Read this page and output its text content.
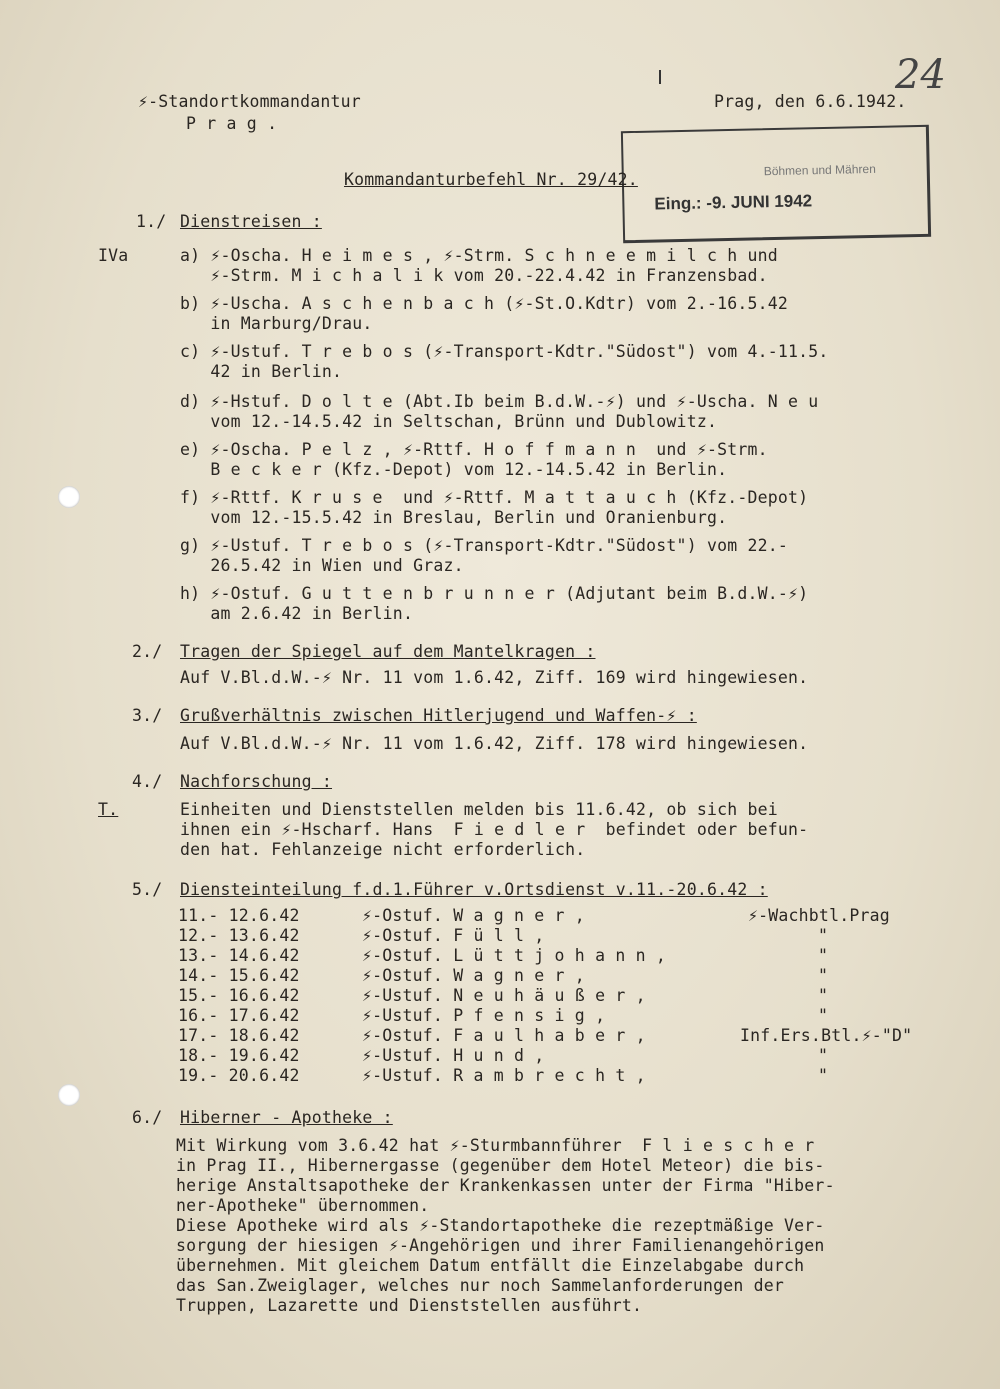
24
⚡-Standortkommandantur
P r a g .
Prag, den 6.6.1942.
Böhmen und Mähren
Eing.: -9. JUNI 1942
Kommandanturbefehl Nr. 29/42.
1./ Dienstreisen :
IVa	a) ⚡-Oscha. H e i m e s , ⚡-Strm. S c h n e e m i l c h und
⚡-Strm. M i c h a l i k vom 20.-22.4.42 in Franzensbad.
b) ⚡-Uscha. A s c h e n b a c h (⚡-St.O.Kdtr) vom 2.-16.5.42
in Marburg/Drau.
c) ⚡-Ustuf. T r e b o s (⚡-Transport-Kdtr."Südost") vom 4.-11.5.
42 in Berlin.
d) ⚡-Hstuf. D o l t e (Abt.Ib beim B.d.W.-⚡) und ⚡-Uscha. N e u
vom 12.-14.5.42 in Seltschan, Brünn und Dublowitz.
e) ⚡-Oscha. P e l z , ⚡-Rttf. H o f f m a n n  und ⚡-Strm.
B e c k e r (Kfz.-Depot) vom 12.-14.5.42 in Berlin.
f) ⚡-Rttf. K r u s e  und ⚡-Rttf. M a t t a u c h (Kfz.-Depot)
vom 12.-15.5.42 in Breslau, Berlin und Oranienburg.
g) ⚡-Ustuf. T r e b o s (⚡-Transport-Kdtr."Südost") vom 22.-
26.5.42 in Wien und Graz.
h) ⚡-Ostuf. G u t t e n b r u n n e r (Adjutant beim B.d.W.-⚡)
am 2.6.42 in Berlin.
2./ Tragen der Spiegel auf dem Mantelkragen :
Auf V.Bl.d.W.-⚡ Nr. 11 vom 1.6.42, Ziff. 169 wird hingewiesen.
3./ Grußverhältnis zwischen Hitlerjugend und Waffen-⚡ :
Auf V.Bl.d.W.-⚡ Nr. 11 vom 1.6.42, Ziff. 178 wird hingewiesen.
4./ Nachforschung :
T.	Einheiten und Dienststellen melden bis 11.6.42, ob sich bei
ihnen ein ⚡-Hscharf. Hans  F i e d l e r  befindet oder befun-
den hat. Fehlanzeige nicht erforderlich.
5./ Diensteinteilung f.d.1.Führer v.Ortsdienst v.11.-20.6.42 :
11.- 12.6.42	⚡-Ostuf. W a g n e r ,	⚡-Wachbtl.Prag
12.- 13.6.42	⚡-Ostuf. F ü l l ,	"
13.- 14.6.42	⚡-Ostuf. L ü t t j o h a n n ,	"
14.- 15.6.42	⚡-Ostuf. W a g n e r ,	"
15.- 16.6.42	⚡-Ustuf. N e u h ä u ß e r ,	"
16.- 17.6.42	⚡-Ustuf. P f e n s i g ,	"
17.- 18.6.42	⚡-Ostuf. F a u l h a b e r ,	Inf.Ers.Btl.⚡-"D"
18.- 19.6.42	⚡-Ustuf. H u n d ,	"
19.- 20.6.42	⚡-Ustuf. R a m b r e c h t ,	"
6./ Hiberner - Apotheke :
Mit Wirkung vom 3.6.42 hat ⚡-Sturmbannführer  F l i e s c h e r
in Prag II., Hibernergasse (gegenüber dem Hotel Meteor) die bis-
herige Anstaltsapotheke der Krankenkassen unter der Firma "Hiber-
ner-Apotheke" übernommen.
Diese Apotheke wird als ⚡-Standortapotheke die rezeptmäßige Ver-
sorgung der hiesigen ⚡-Angehörigen und ihrer Familienangehörigen
übernehmen. Mit gleichem Datum entfällt die Einzelabgabe durch
das San.Zweiglager, welches nur noch Sammelanforderungen der
Truppen, Lazarette und Dienststellen ausführt.
